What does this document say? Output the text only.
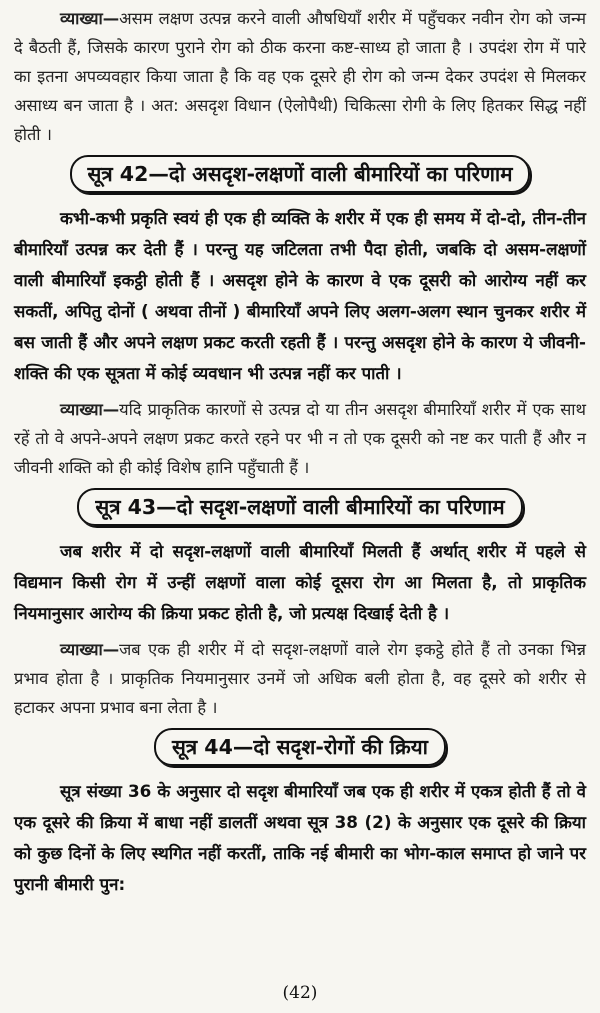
व्याख्या—असम लक्षण उत्पन्न करने वाली औषधियाँ शरीर में पहुँचकर नवीन रोग को जन्म दे बैठती हैं, जिसके कारण पुराने रोग को ठीक करना कष्ट-साध्य हो जाता है । उपदंश रोग में पारे का इतना अपव्यवहार किया जाता है कि वह एक दूसरे ही रोग को जन्म देकर उपदंश से मिलकर असाध्य बन जाता है । अत: असदृश विधान (ऐलोपैथी) चिकित्सा रोगी के लिए हितकर सिद्ध नहीं होती ।

सूत्र 42—दो असदृश-लक्षणों वाली बीमारियों का परिणाम

कभी-कभी प्रकृति स्वयं ही एक ही व्यक्ति के शरीर में एक ही समय में दो-दो, तीन-तीन बीमारियाँ उत्पन्न कर देती हैं । परन्तु यह जटिलता तभी पैदा होती, जबकि दो असम-लक्षणों वाली बीमारियाँ इकट्ठी होती हैं । असदृश होने के कारण वे एक दूसरी को आरोग्य नहीं कर सकतीं, अपितु दोनों ( अथवा तीनों ) बीमारियाँ अपने लिए अलग-अलग स्थान चुनकर शरीर में बस जाती हैं और अपने लक्षण प्रकट करती रहती हैं । परन्तु असदृश होने के कारण ये जीवनी-शक्ति की एक सूत्रता में कोई व्यवधान भी उत्पन्न नहीं कर पाती ।

व्याख्या—यदि प्राकृतिक कारणों से उत्पन्न दो या तीन असदृश बीमारियाँ शरीर में एक साथ रहें तो वे अपने-अपने लक्षण प्रकट करते रहने पर भी न तो एक दूसरी को नष्ट कर पाती हैं और न जीवनी शक्ति को ही कोई विशेष हानि पहुँचाती हैं ।

सूत्र 43—दो सदृश-लक्षणों वाली बीमारियों का परिणाम

जब शरीर में दो सदृश-लक्षणों वाली बीमारियाँ मिलती हैं अर्थात् शरीर में पहले से विद्यमान किसी रोग में उन्हीं लक्षणों वाला कोई दूसरा रोग आ मिलता है, तो प्राकृतिक नियमानुसार आरोग्य की क्रिया प्रकट होती है, जो प्रत्यक्ष दिखाई देती है ।

व्याख्या—जब एक ही शरीर में दो सदृश-लक्षणों वाले रोग इकट्ठे होते हैं तो उनका भिन्न प्रभाव होता है । प्राकृतिक नियमानुसार उनमें जो अधिक बली होता है, वह दूसरे को शरीर से हटाकर अपना प्रभाव बना लेता है ।

सूत्र 44—दो सदृश-रोगों की क्रिया

सूत्र संख्या 36 के अनुसार दो सदृश बीमारियाँ जब एक ही शरीर में एकत्र होती हैं तो वे एक दूसरे की क्रिया में बाधा नहीं डालतीं अथवा सूत्र 38 (2) के अनुसार एक दूसरे की क्रिया को कुछ दिनों के लिए स्थगित नहीं करतीं, ताकि नई बीमारी का भोग-काल समाप्त हो जाने पर पुरानी बीमारी पुन:

(42)
